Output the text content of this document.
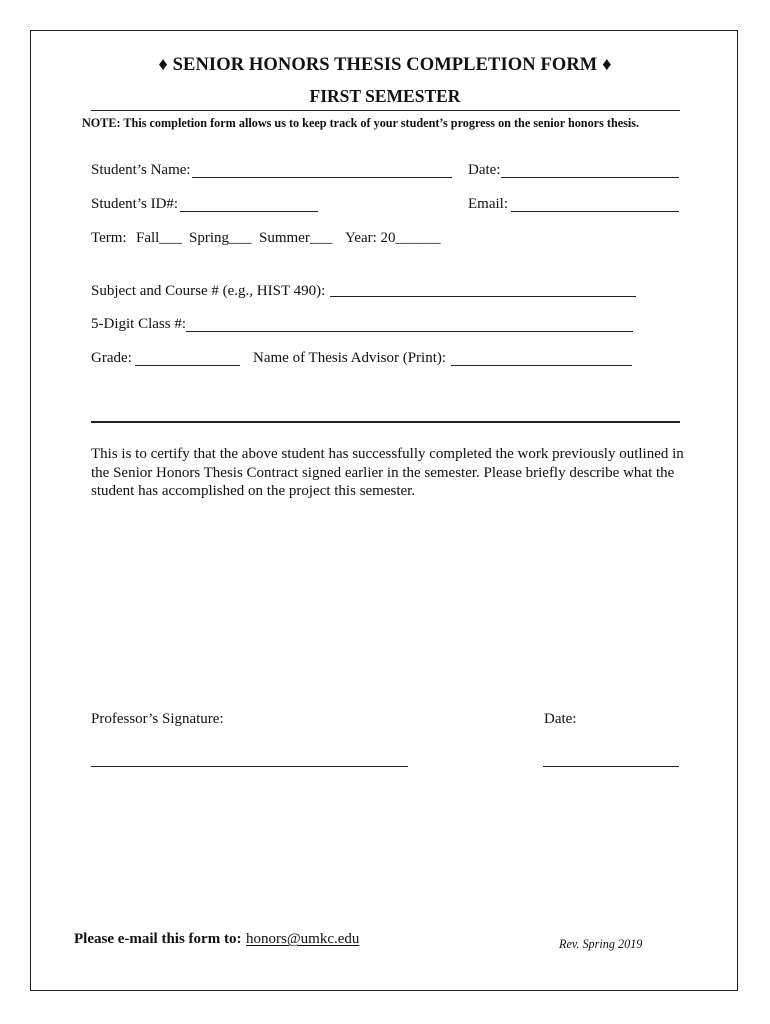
♦ SENIOR HONORS THESIS COMPLETION FORM ♦
FIRST SEMESTER
NOTE: This completion form allows us to keep track of your student’s progress on the senior honors thesis.
Student’s Name:	Date:
Student’s ID#:	Email:
Term: Fall___ Spring___ Summer___ Year: 20______
Subject and Course # (e.g., HIST 490):
5-Digit Class #:
Grade:	Name of Thesis Advisor (Print):
This is to certify that the above student has successfully completed the work previously outlined in the Senior Honors Thesis Contract signed earlier in the semester. Please briefly describe what the student has accomplished on the project this semester.
Professor’s Signature:	Date:
Please e-mail this form to: honors@umkc.edu	Rev. Spring 2019
